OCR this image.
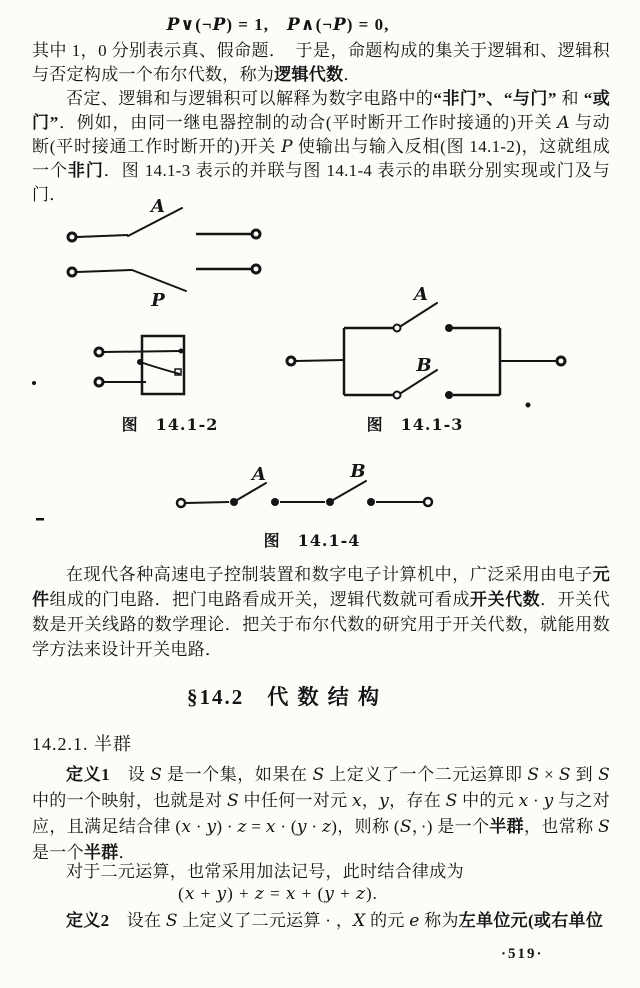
P∨(¬P) = 1,　P∧(¬P) = 0,
其中 1，0 分别表示真、假命题．　于是，命题构成的集关于逻辑和、逻辑积与否定构成一个布尔代数，称为逻辑代数．
否定、逻辑和与逻辑积可以解释为数字电路中的“非门”、“与门” 和 “或门”．例如，由同一继电器控制的动合(平时断开工作时接通的)开关 A 与动断(平时接通工作时断开的)开关 P 使输出与输入反相(图 14.1-2)，这就组成一个非门．图 14.1-3 表示的并联与图 14.1-4 表示的串联分别实现或门及与门．
A
P
图　14.1-2
A
B
图　14.1-3
A	B
图　14.1-4
在现代各种高速电子控制装置和数字电子计算机中，广泛采用由电子元件组成的门电路．把门电路看成开关，逻辑代数就可看成开关代数．开关代数是开关线路的数学理论．把关于布尔代数的研究用于开关代数，就能用数学方法来设计开关电路．
§14.2　代 数 结 构
14.2.1. 半群
定义1　设 S 是一个集，如果在 S 上定义了一个二元运算即 S × S 到 S 中的一个映射，也就是对 S 中任何一对元 x，y，存在 S 中的元 x · y 与之对应，且满足结合律 (x · y) · z = x · (y · z)，则称 (S，·) 是一个半群，也常称 S 是一个半群．
对于二元运算，也常采用加法记号，此时结合律成为
(x + y) + z = x + (y + z).
定义2　设在 S 上定义了二元运算 · ，X 的元 e 称为左单位元(或右单位
·519·
